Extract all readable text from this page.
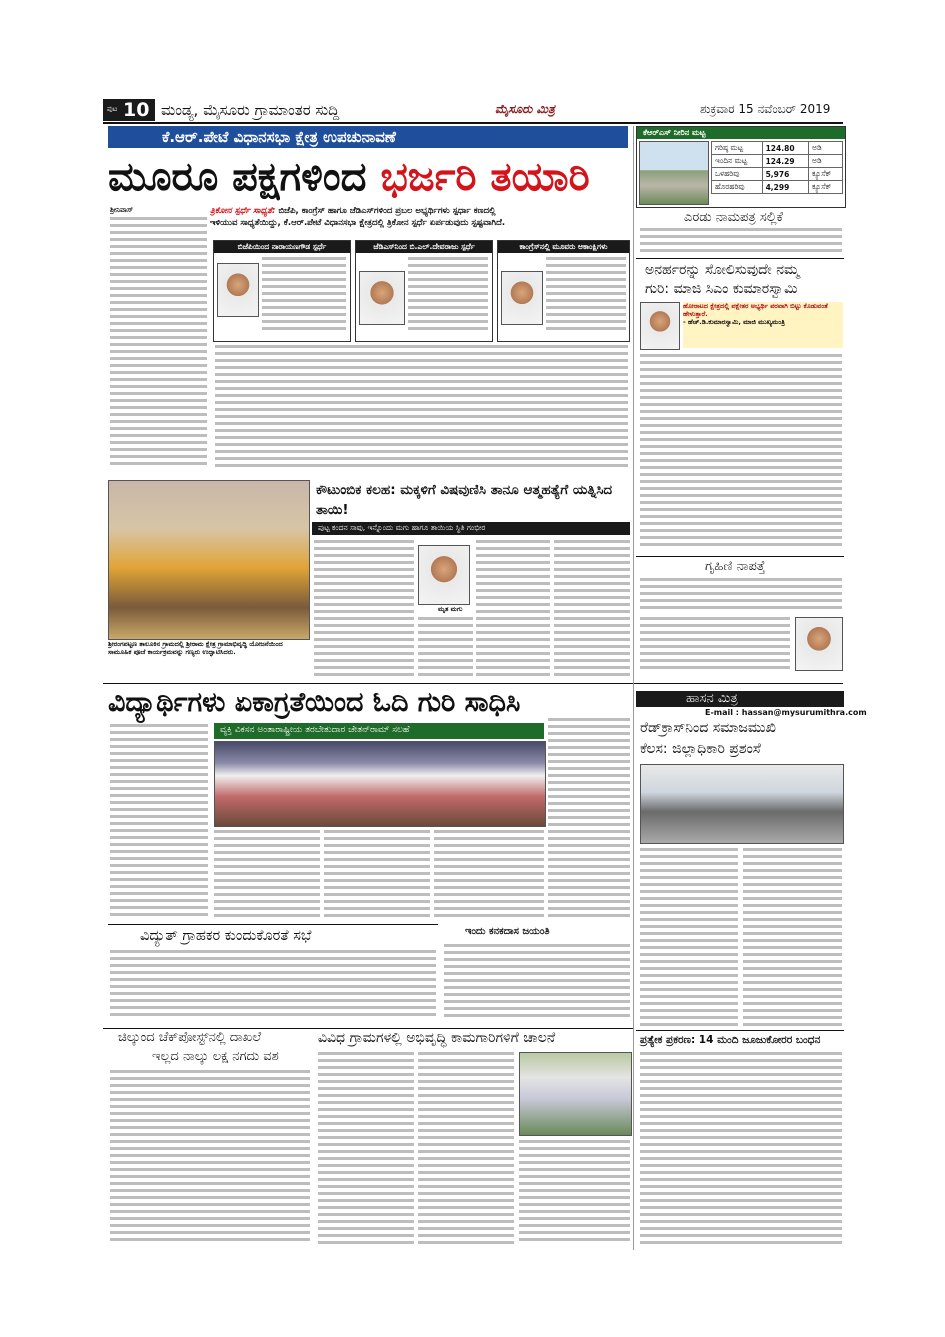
ಪುಟ 10 ಮಂಡ್ಯ, ಮೈಸೂರು ಗ್ರಾಮಾಂತರ ಸುದ್ದಿ	ಮೈಸೂರು ಮಿತ್ರ	ಶುಕ್ರವಾರ 15 ನವೆಂಬರ್ 2019
ಕೆ.ಆರ್.ಪೇಟೆ ವಿಧಾನಸಭಾ ಕ್ಷೇತ್ರ ಉಪಚುನಾವಣೆ
ಮೂರೂ ಪಕ್ಷಗಳಿಂದ ಭರ್ಜರಿ ತಯಾರಿ
ತ್ರಿಕೋನ ಸ್ಪರ್ಧೆ ಸಾಧ್ಯತೆ: ಬಿಜೆಪಿ, ಕಾಂಗ್ರೆಸ್ ಹಾಗೂ ಜೆಡಿಎಸ್‌ಗಳಿಂದ ಪ್ರಬಲ ಅಭ್ಯರ್ಥಿಗಳು ಸ್ಪರ್ಧಾ ಕಣದಲ್ಲಿ
ಇಳಿಯುವ ಸಾಧ್ಯತೆಯಿದ್ದು, ಕೆ.ಆರ್.ಪೇಟೆ ವಿಧಾನಸಭಾ ಕ್ಷೇತ್ರದಲ್ಲಿ ತ್ರಿಕೋನ ಸ್ಪರ್ಧೆ ಏರ್ಪಡುವುದು ಸ್ಪಷ್ಟವಾಗಿದೆ.
ಶ್ರೀನಿವಾಸ್
ಬಿಜೆಪಿಯಿಂದ ನಾರಾಯಣಗೌಡ ಸ್ಪರ್ಧೆ	ಜೆಡಿಎಸ್‌ನಿಂದ ಬಿ.ಎಲ್.ದೇವರಾಜು ಸ್ಪರ್ಧೆ	ಕಾಂಗ್ರೆಸ್‌ನಲ್ಲಿ ಮೂವರು ಆಕಾಂಕ್ಷಿಗಳು
ಕೆಆರ್‌ಎಸ್ ನೀರಿನ ಮಟ್ಟ
ಗರಿಷ್ಠ ಮಟ್ಟ	124.80	ಅಡಿ
ಇಂದಿನ ಮಟ್ಟ	124.29	ಅಡಿ
ಒಳಹರಿವು	5,976	ಕ್ಯೂಸೆಕ್
ಹೊರಹರಿವು	4,299	ಕ್ಯೂಸೆಕ್
ಎರಡು ನಾಮಪತ್ರ ಸಲ್ಲಿಕೆ
ಅನರ್ಹರನ್ನು ಸೋಲಿಸುವುದೇ ನಮ್ಮ
ಗುರಿ: ಮಾಜಿ ಸಿಎಂ ಕುಮಾರಸ್ವಾಮಿ
ಹೋರಾಟದ ಕ್ಷೇತ್ರದಲ್ಲಿ ಪಕ್ಷೇತರ ಅಭ್ಯರ್ಥಿ ಪರವಾಗಿ ಬಿಟ್ಟು ಕೊಡುವಂತೆ ಹೇಳುತ್ತಾರೆ.
- ಹೆಚ್.ಡಿ.ಕುಮಾರಸ್ವಾಮಿ, ಮಾಜಿ ಮುಖ್ಯಮಂತ್ರಿ
ಶ್ರೀರಂಗಪಟ್ಟಣ ತಾಲೂಕಿನ ಗ್ರಾಮದಲ್ಲಿ ಶ್ರೀರಾಮ ಕ್ಷೇತ್ರ ಗ್ರಾಮಾಭಿವೃದ್ಧಿ ಯೋಜನೆಯಿಂದ ಸಾಮೂಹಿಕ ಪೂಜೆ ಕಾರ್ಯಕ್ರಮವನ್ನು ಗಣ್ಯರು ಉದ್ಘಾಟಿಸಿದರು.
ಕೌಟುಂಬಿಕ ಕಲಹ: ಮಕ್ಕಳಿಗೆ ವಿಷವುಣಿಸಿ ತಾನೂ ಆತ್ಮಹತ್ಯೆಗೆ ಯತ್ನಿಸಿದ ತಾಯಿ!
ಪುಟ್ಟ ಕಂದನ ಸಾವು, ಇನ್ನೊಂದು ಮಗು ಹಾಗೂ ತಾಯಿಯ ಸ್ಥಿತಿ ಗಂಭೀರ
ಮೃತ ಮಗು
ಗೃಹಿಣಿ ನಾಪತ್ತೆ
ವಿದ್ಯಾರ್ಥಿಗಳು ಏಕಾಗ್ರತೆಯಿಂದ ಓದಿ ಗುರಿ ಸಾಧಿಸಿ
ವ್ಯಕ್ತಿ ವಿಕಸನ ಅಂತಾರಾಷ್ಟ್ರೀಯ ತರಬೇತುದಾರ ಚೇತನ್‌ರಾಮ್ ಸಲಹೆ
ಹಾಸನ ಮಿತ್ರ
E-mail : hassan@mysurumithra.com
ರೆಡ್‌ಕ್ರಾಸ್‌ನಿಂದ ಸಮಾಜಮುಖಿ
ಕೆಲಸ: ಜಿಲ್ಲಾಧಿಕಾರಿ ಪ್ರಶಂಸೆ
ವಿದ್ಯುತ್ ಗ್ರಾಹಕರ ಕುಂದುಕೊರತೆ ಸಭೆ	ಇಂದು ಕನಕದಾಸ ಜಯಂತಿ
ಚಿಲ್ಕುಂದ ಚೆಕ್‌ಪೋಸ್ಟ್‌ನಲ್ಲಿ ದಾಖಲೆ
ಇಲ್ಲದ ನಾಲ್ಕು ಲಕ್ಷ ನಗದು ವಶ
ವಿವಿಧ ಗ್ರಾಮಗಳಲ್ಲಿ ಅಭಿವೃದ್ಧಿ ಕಾಮಗಾರಿಗಳಿಗೆ ಚಾಲನೆ	ಪ್ರತ್ಯೇಕ ಪ್ರಕರಣ: 14 ಮಂದಿ ಜೂಜುಕೋರರ ಬಂಧನ
